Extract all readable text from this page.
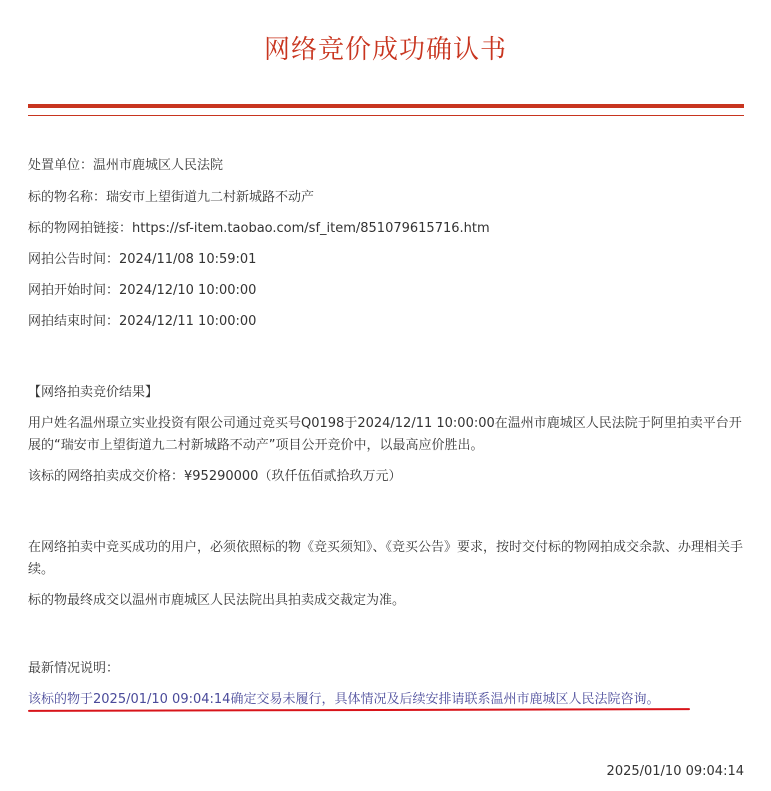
网络竞价成功确认书
处置单位：温州市鹿城区人民法院
标的物名称：瑞安市上望街道九二村新城路不动产
标的物网拍链接：https://sf-item.taobao.com/sf_item/851079615716.htm
网拍公告时间：2024/11/08 10:59:01
网拍开始时间：2024/12/10 10:00:00
网拍结束时间：2024/12/11 10:00:00
【网络拍卖竞价结果】
用户姓名温州璟立实业投资有限公司通过竞买号Q0198于2024/12/11 10:00:00在温州市鹿城区人民法院于阿里拍卖平台开展的“瑞安市上望街道九二村新城路不动产”项目公开竞价中，以最高应价胜出。
该标的网络拍卖成交价格：¥95290000（玖仟伍佰贰拾玖万元）
在网络拍卖中竞买成功的用户，必须依照标的物《竞买须知》、《竞买公告》要求，按时交付标的物网拍成交余款、办理相关手续。
标的物最终成交以温州市鹿城区人民法院出具拍卖成交裁定为准。
最新情况说明：
该标的物于2025/01/10 09:04:14确定交易未履行，具体情况及后续安排请联系温州市鹿城区人民法院咨询。
2025/01/10 09:04:14
